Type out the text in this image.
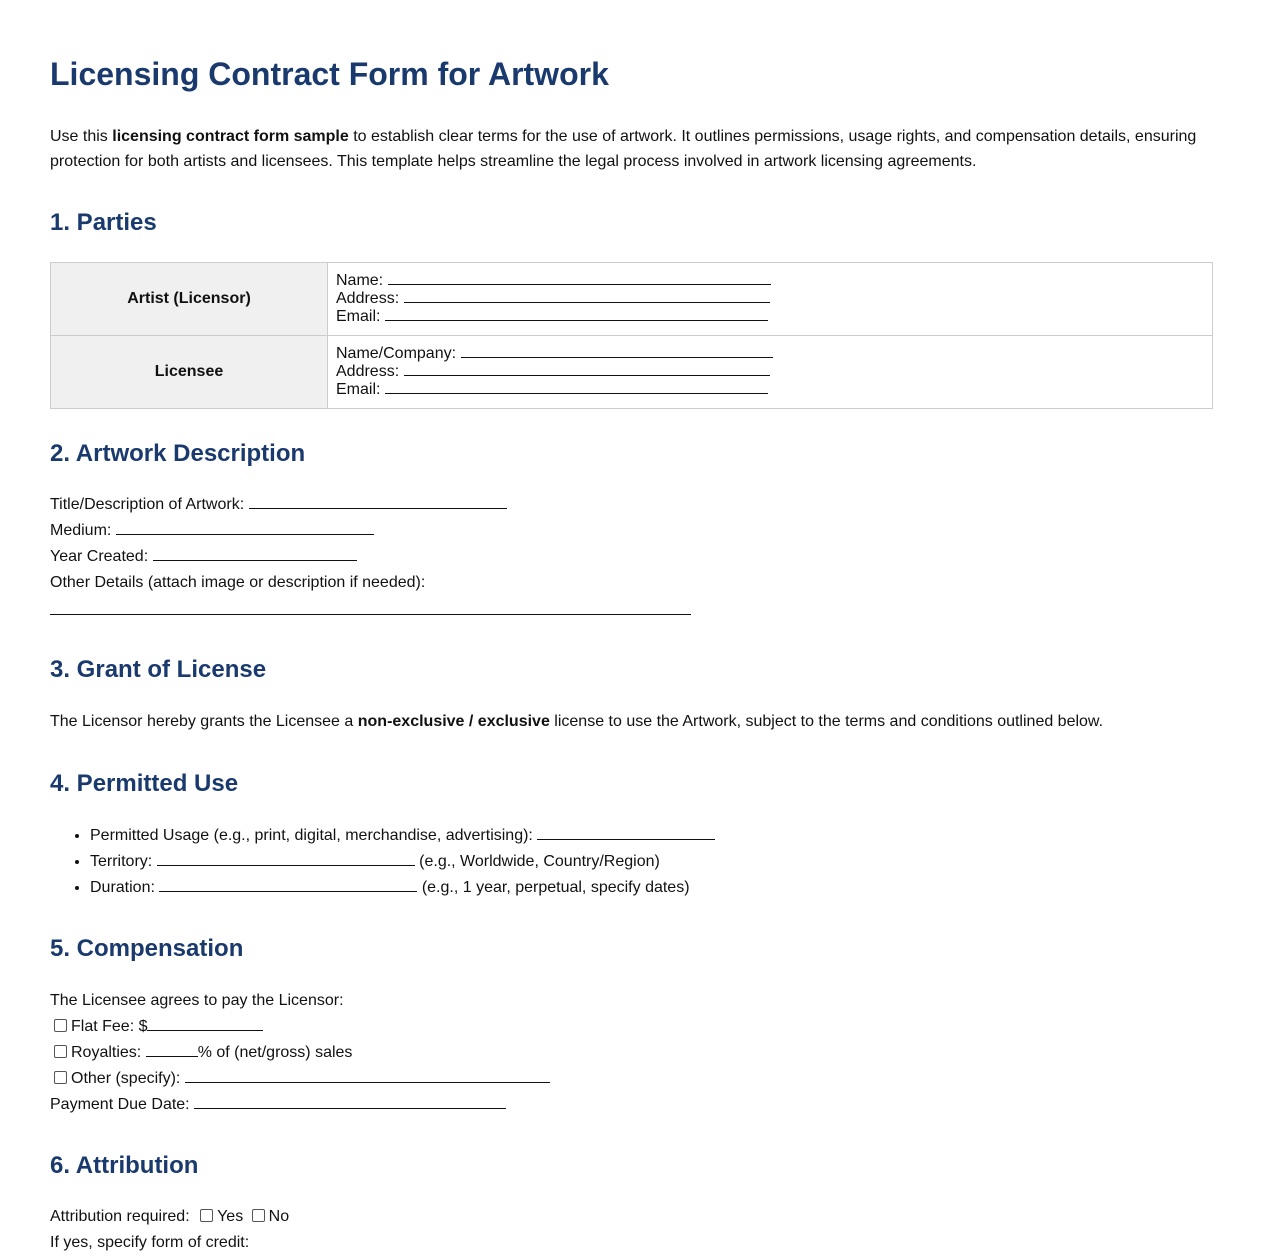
Licensing Contract Form for Artwork

Use this licensing contract form sample to establish clear terms for the use of artwork. It outlines permissions, usage rights, and compensation details, ensuring protection for both artists and licensees. This template helps streamline the legal process involved in artwork licensing agreements.

1. Parties
Artist (Licensor)	Name:
Address:
Email:

Licensee	Name/Company:
Address:
Email:
2. Artwork Description
Title/Description of Artwork:
Medium:
Year Created:
Other Details (attach image or description if needed):
3. Grant of License
The Licensor hereby grants the Licensee a non-exclusive / exclusive license to use the Artwork, subject to the terms and conditions outlined below.
4. Permitted Use
• Permitted Usage (e.g., print, digital, merchandise, advertising):
• Territory:	(e.g., Worldwide, Country/Region)
• Duration:	(e.g., 1 year, perpetual, specify dates)
5. Compensation
The Licensee agrees to pay the Licensor:
Flat Fee: $
Royalties:	% of (net/gross) sales
Other (specify):
Payment Due Date:
6. Attribution
Attribution required: Yes No
If yes, specify form of credit:
